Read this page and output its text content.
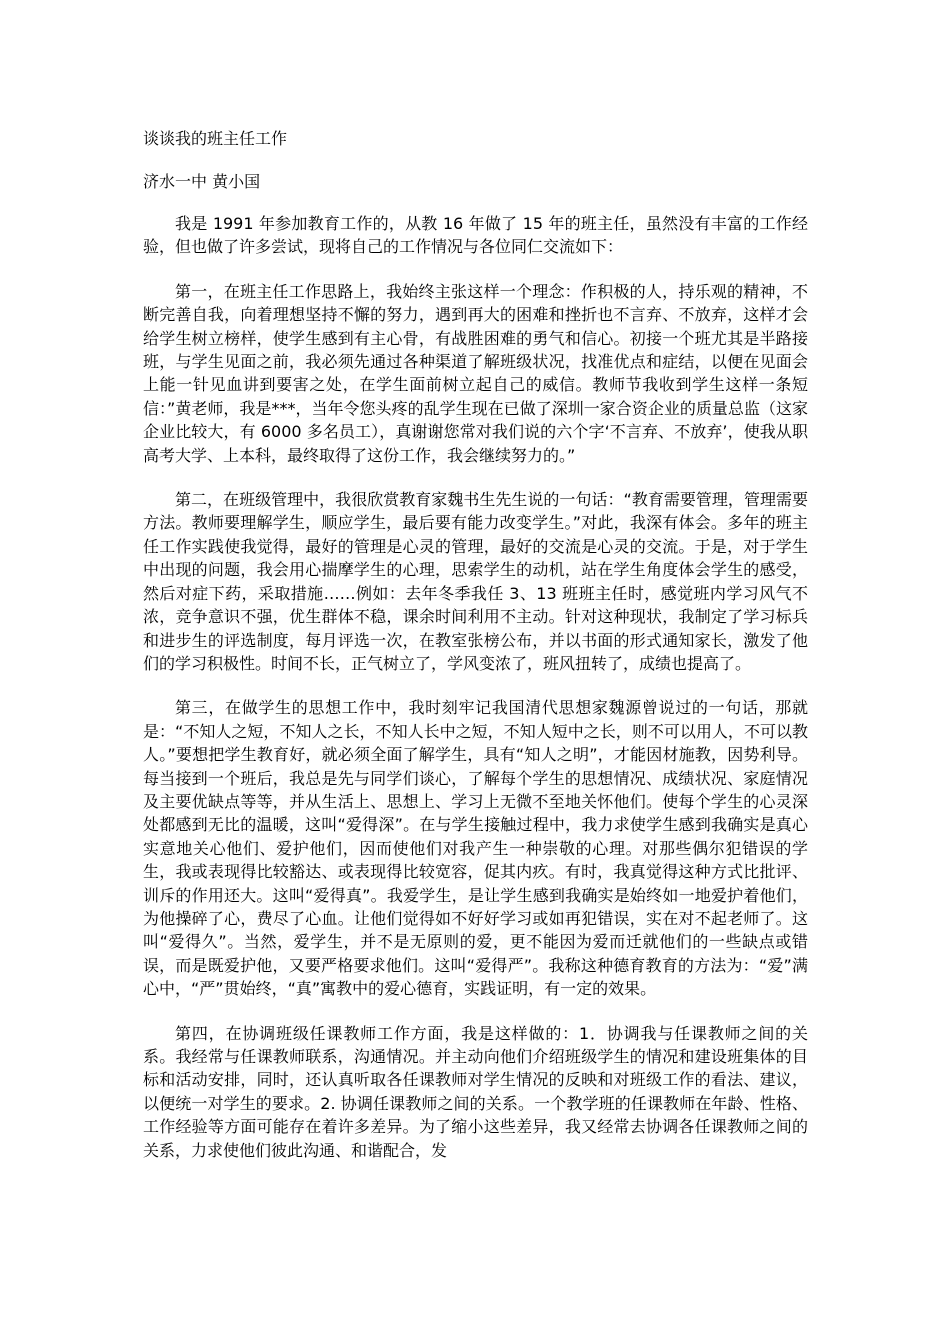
谈谈我的班主任工作
济水一中 黄小国

我是 1991 年参加教育工作的，从教 16 年做了 15 年的班主任，虽然没有丰富的工作经验，但也做了许多尝试，现将自己的工作情况与各位同仁交流如下：

第一，在班主任工作思路上，我始终主张这样一个理念：作积极的人，持乐观的精神，不断完善自我，向着理想坚持不懈的努力，遇到再大的困难和挫折也不言弃、不放弃，这样才会给学生树立榜样，使学生感到有主心骨，有战胜困难的勇气和信心。初接一个班尤其是半路接班，与学生见面之前，我必须先通过各种渠道了解班级状况，找准优点和症结，以便在见面会上能一针见血讲到要害之处，在学生面前树立起自己的威信。教师节我收到学生这样一条短信：”黄老师，我是***，当年令您头疼的乱学生现在已做了深圳一家合资企业的质量总监（这家企业比较大，有 6000 多名员工），真谢谢您常对我们说的六个字‘不言弃、不放弃’，使我从职高考大学、上本科，最终取得了这份工作，我会继续努力的。”

第二，在班级管理中，我很欣赏教育家魏书生先生说的一句话：“教育需要管理，管理需要方法。教师要理解学生，顺应学生，最后要有能力改变学生。”对此，我深有体会。多年的班主任工作实践使我觉得，最好的管理是心灵的管理，最好的交流是心灵的交流。于是，对于学生中出现的问题，我会用心揣摩学生的心理，思索学生的动机，站在学生角度体会学生的感受，然后对症下药，采取措施……例如：去年冬季我任 3、13 班班主任时，感觉班内学习风气不浓，竞争意识不强，优生群体不稳，课余时间利用不主动。针对这种现状，我制定了学习标兵和进步生的评选制度，每月评选一次，在教室张榜公布，并以书面的形式通知家长，激发了他们的学习积极性。时间不长，正气树立了，学风变浓了，班风扭转了，成绩也提高了。

第三，在做学生的思想工作中，我时刻牢记我国清代思想家魏源曾说过的一句话，那就是：“不知人之短，不知人之长，不知人长中之短，不知人短中之长，则不可以用人，不可以教人。”要想把学生教育好，就必须全面了解学生，具有“知人之明”，才能因材施教，因势利导。每当接到一个班后，我总是先与同学们谈心，了解每个学生的思想情况、成绩状况、家庭情况及主要优缺点等等，并从生活上、思想上、学习上无微不至地关怀他们。使每个学生的心灵深处都感到无比的温暖，这叫“爱得深”。在与学生接触过程中，我力求使学生感到我确实是真心实意地关心他们、爱护他们，因而使他们对我产生一种崇敬的心理。对那些偶尔犯错误的学生，我或表现得比较豁达、或表现得比较宽容，促其内疚。有时，我真觉得这种方式比批评、训斥的作用还大。这叫“爱得真”。我爱学生，是让学生感到我确实是始终如一地爱护着他们，为他操碎了心，费尽了心血。让他们觉得如不好好学习或如再犯错误，实在对不起老师了。这叫“爱得久”。当然，爱学生，并不是无原则的爱，更不能因为爱而迁就他们的一些缺点或错误，而是既爱护他，又要严格要求他们。这叫“爱得严”。我称这种德育教育的方法为：“爱”满心中，“严”贯始终，“真”寓教中的爱心德育，实践证明，有一定的效果。

第四，在协调班级任课教师工作方面，我是这样做的：1．协调我与任课教师之间的关系。我经常与任课教师联系，沟通情况。并主动向他们介绍班级学生的情况和建设班集体的目标和活动安排，同时，还认真听取各任课教师对学生情况的反映和对班级工作的看法、建议，以便统一对学生的要求。2. 协调任课教师之间的关系。一个教学班的任课教师在年龄、性格、工作经验等方面可能存在着许多差异。为了缩小这些差异，我又经常去协调各任课教师之间的关系，力求使他们彼此沟通、和谐配合，发
